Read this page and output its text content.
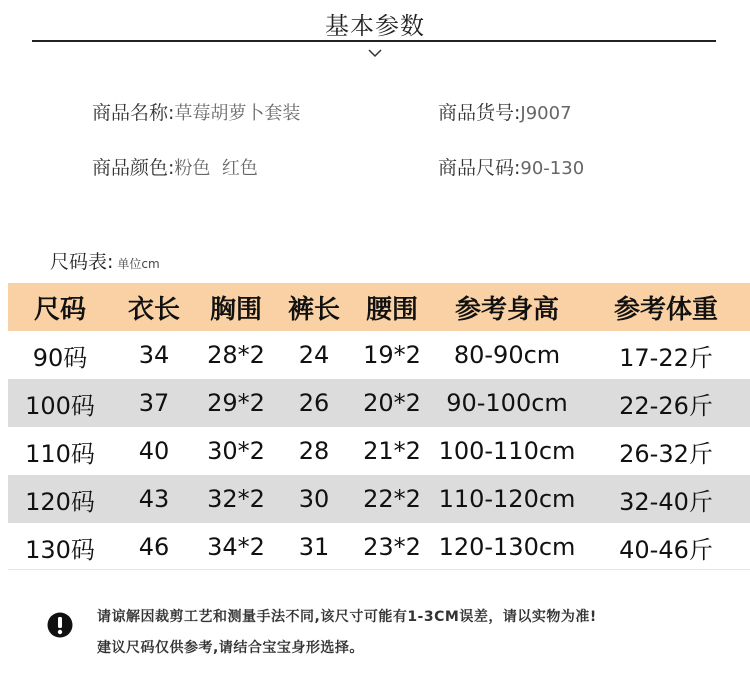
基本参数
商品名称:草莓胡萝卜套装	商品货号:J9007
商品颜色:粉色  红色	商品尺码:90-130
尺码表: 单位cm
尺码	衣长	胸围	裤长	腰围	参考身高	参考体重
90码	34	28*2	24	19*2	80-90cm	17-22斤
100码	37	29*2	26	20*2	90-100cm	22-26斤
110码	40	30*2	28	21*2	100-110cm	26-32斤
120码	43	32*2	30	22*2	110-120cm	32-40斤
130码	46	34*2	31	23*2	120-130cm	40-46斤
请谅解因裁剪工艺和测量手法不同,该尺寸可能有1-3CM误差，请以实物为准!
建议尺码仅供参考,请结合宝宝身形选择。
